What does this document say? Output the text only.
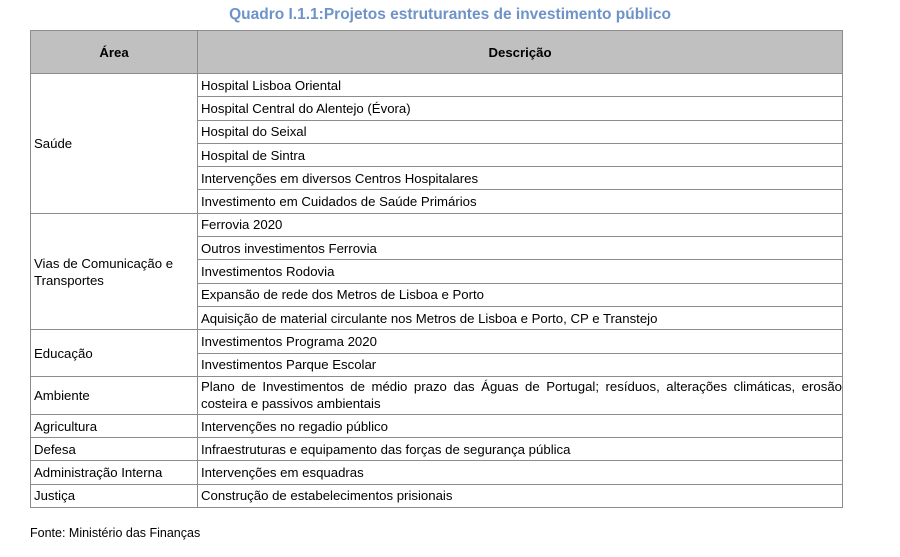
Quadro I.1.1:Projetos estruturantes de investimento público
Área	Descrição
Saúde	Hospital Lisboa Oriental
	Hospital Central do Alentejo (Évora)
	Hospital do Seixal
	Hospital de Sintra
	Intervenções em diversos Centros Hospitalares
	Investimento em Cuidados de Saúde Primários
Vias de Comunicação e Transportes	Ferrovia 2020
	Outros investimentos Ferrovia
	Investimentos Rodovia
	Expansão de rede dos Metros de Lisboa e Porto
	Aquisição de material circulante nos Metros de Lisboa e Porto, CP e Transtejo
Educação	Investimentos Programa 2020
	Investimentos Parque Escolar
Ambiente	Plano de Investimentos de médio prazo das Águas de Portugal; resíduos, alterações climáticas, erosão costeira e passivos ambientais
Agricultura	Intervenções no regadio público
Defesa	Infraestruturas e equipamento das forças de segurança pública
Administração Interna	Intervenções em esquadras
Justiça	Construção de estabelecimentos prisionais
Fonte: Ministério das Finanças
